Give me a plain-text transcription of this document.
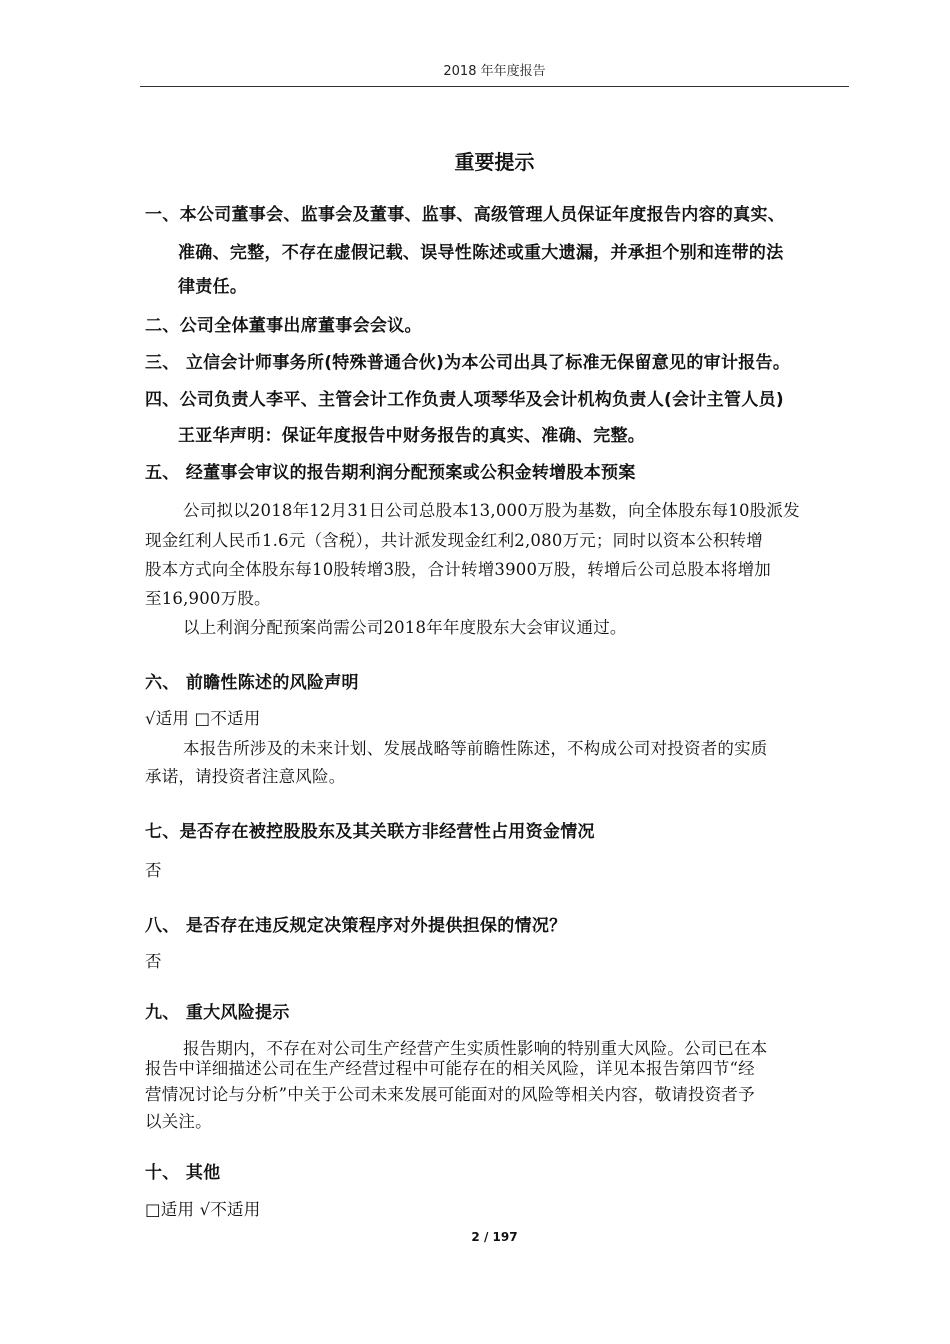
2018 年年度报告
重要提示
一、本公司董事会、监事会及董事、监事、高级管理人员保证年度报告内容的真实、
准确、完整，不存在虚假记载、误导性陈述或重大遗漏，并承担个别和连带的法
律责任。
二、公司全体董事出席董事会会议。
三、 立信会计师事务所(特殊普通合伙)为本公司出具了标准无保留意见的审计报告。
四、公司负责人李平、主管会计工作负责人项琴华及会计机构负责人(会计主管人员)
王亚华声明：保证年度报告中财务报告的真实、准确、完整。
五、 经董事会审议的报告期利润分配预案或公积金转增股本预案
公司拟以2018年12月31日公司总股本13,000万股为基数，向全体股东每10股派发
现金红利人民币1.6元（含税），共计派发现金红利2,080万元；同时以资本公积转增
股本方式向全体股东每10股转增3股，合计转增3900万股，转增后公司总股本将增加
至16,900万股。
以上利润分配预案尚需公司2018年年度股东大会审议通过。
六、 前瞻性陈述的风险声明
√适用 □不适用
本报告所涉及的未来计划、发展战略等前瞻性陈述，不构成公司对投资者的实质
承诺，请投资者注意风险。
七、是否存在被控股股东及其关联方非经营性占用资金情况
否
八、 是否存在违反规定决策程序对外提供担保的情况？
否
九、 重大风险提示
报告期内，不存在对公司生产经营产生实质性影响的特别重大风险。公司已在本
报告中详细描述公司在生产经营过程中可能存在的相关风险，详见本报告第四节“经
营情况讨论与分析”中关于公司未来发展可能面对的风险等相关内容，敬请投资者予
以关注。
十、 其他
□适用 √不适用
2 / 197
